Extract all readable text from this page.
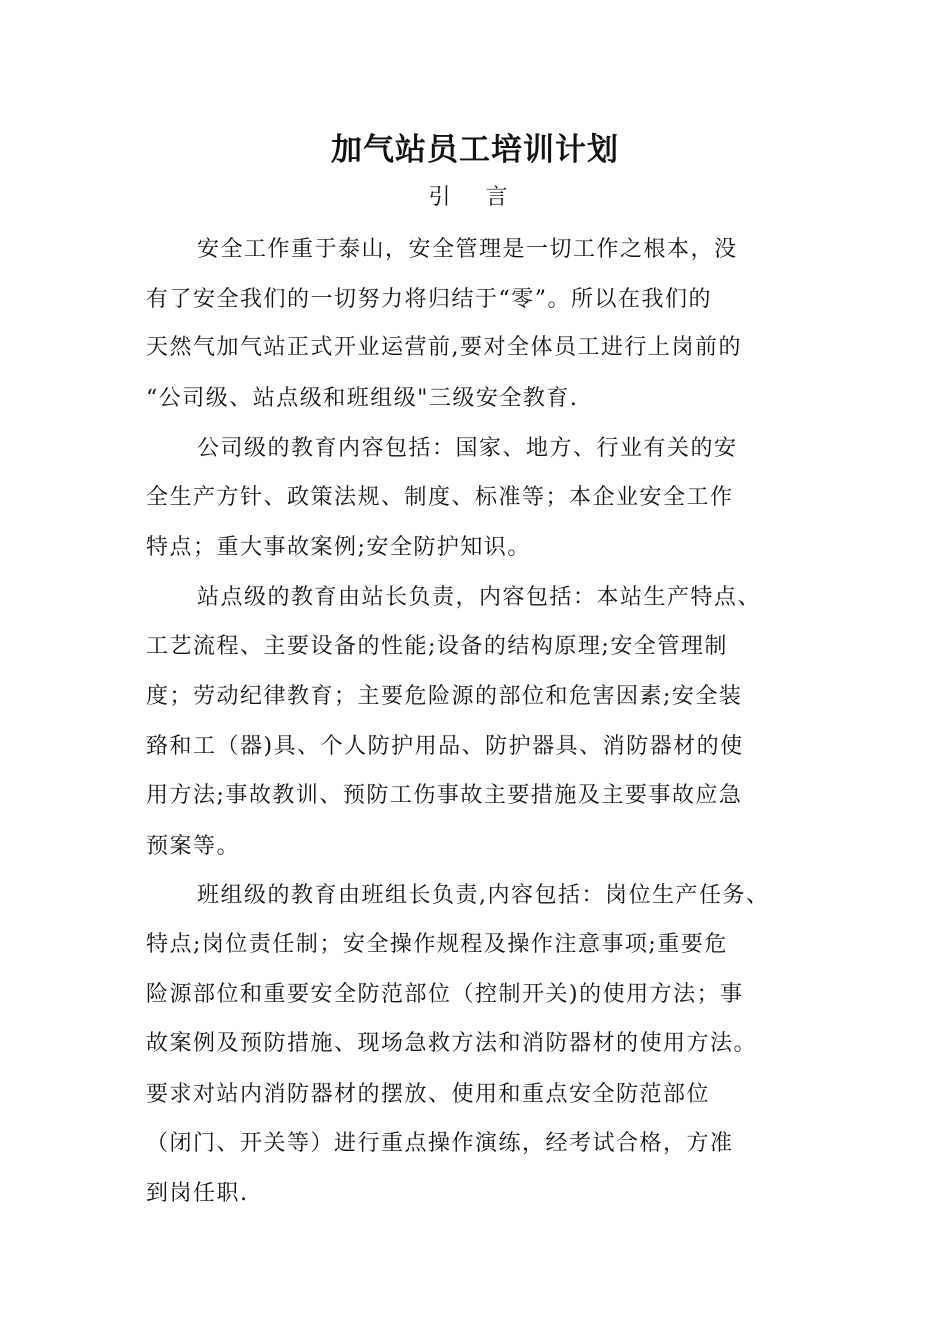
加气站员工培训计划
引 言
安全工作重于泰山，安全管理是一切工作之根本，没
有了安全我们的一切努力将归结于“零”。所以在我们的
天然气加气站正式开业运营前,要对全体员工进行上岗前的
“公司级、站点级和班组级"三级安全教育.
公司级的教育内容包括：国家、地方、行业有关的安
全生产方针、政策法规、制度、标准等；本企业安全工作
特点；重大事故案例;安全防护知识。
站点级的教育由站长负责，内容包括：本站生产特点、
工艺流程、主要设备的性能;设备的结构原理;安全管理制
度；劳动纪律教育；主要危险源的部位和危害因素;安全装
臵和工（器)具、个人防护用品、防护器具、消防器材的使
用方法;事故教训、预防工伤事故主要措施及主要事故应急
预案等。
班组级的教育由班组长负责,内容包括：岗位生产任务、
特点;岗位责任制；安全操作规程及操作注意事项;重要危
险源部位和重要安全防范部位（控制开关)的使用方法；事
故案例及预防措施、现场急救方法和消防器材的使用方法。
要求对站内消防器材的摆放、使用和重点安全防范部位
（闭门、开关等）进行重点操作演练，经考试合格，方准
到岗任职.
